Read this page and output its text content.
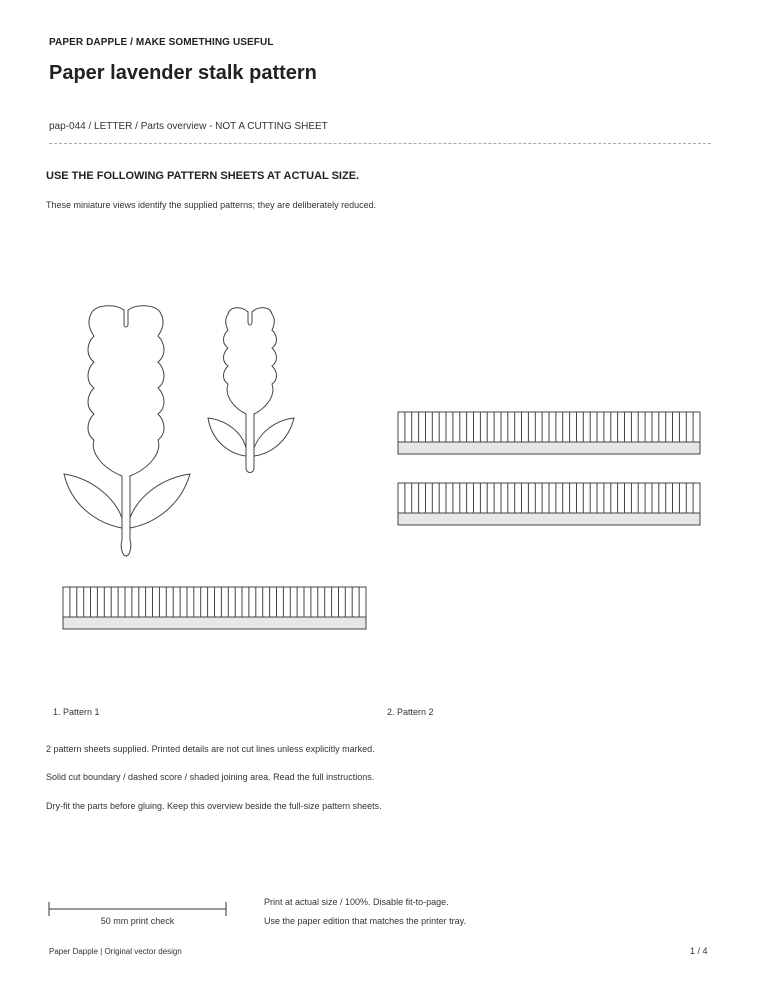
PAPER DAPPLE / MAKE SOMETHING USEFUL
Paper lavender stalk pattern
pap-044 / LETTER / Parts overview - NOT A CUTTING SHEET
USE THE FOLLOWING PATTERN SHEETS AT ACTUAL SIZE.
These miniature views identify the supplied patterns; they are deliberately reduced.
1. Pattern 1	2. Pattern 2
2 pattern sheets supplied. Printed details are not cut lines unless explicitly marked.
Solid cut boundary / dashed score / shaded joining area. Read the full instructions.
Dry-fit the parts before gluing. Keep this overview beside the full-size pattern sheets.
50 mm print check
Print at actual size / 100%. Disable fit-to-page.
Use the paper edition that matches the printer tray.
Paper Dapple | Original vector design	1 / 4
